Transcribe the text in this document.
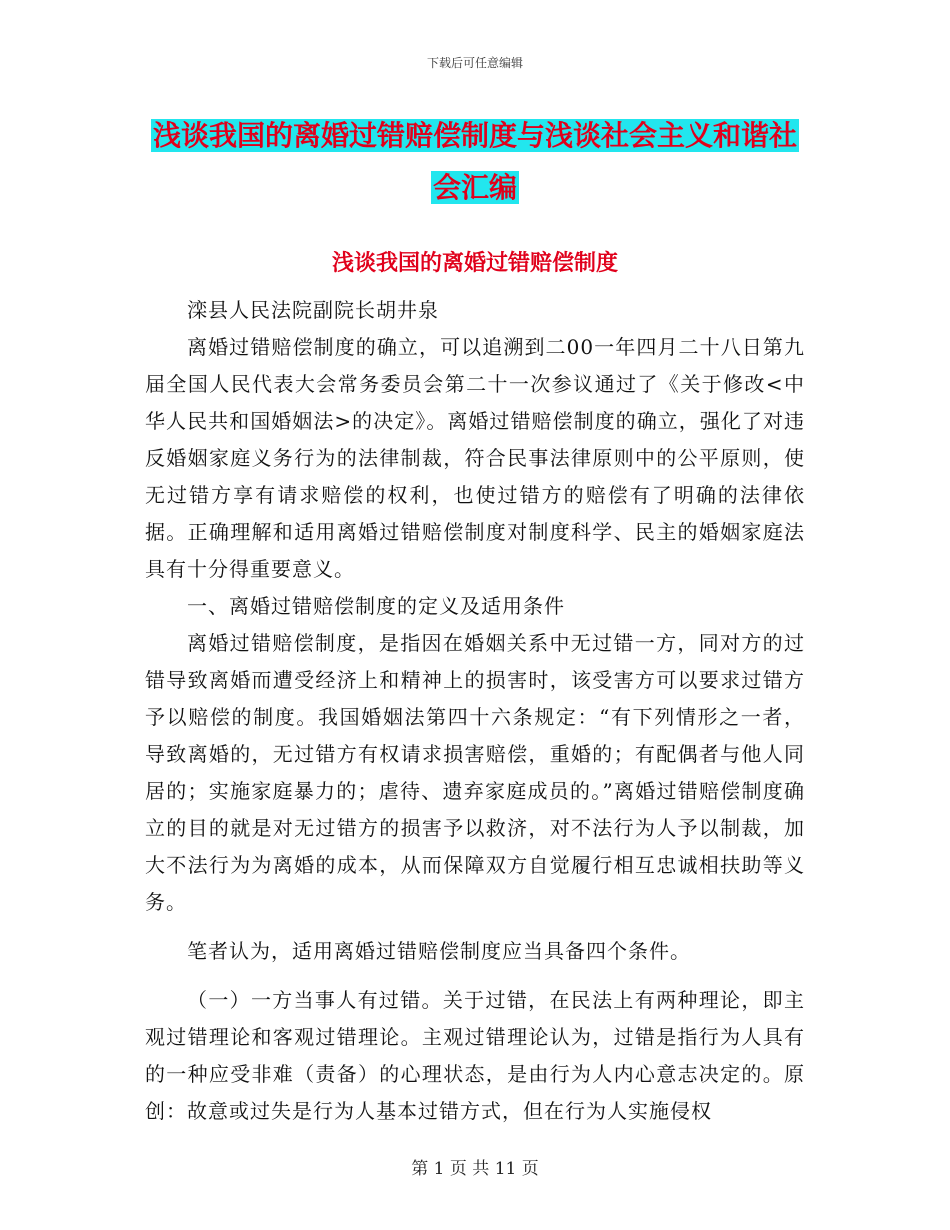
下载后可任意编辑
浅谈我国的离婚过错赔偿制度与浅谈社会主义和谐社
会汇编
浅谈我国的离婚过错赔偿制度

滦县人民法院副院长胡井泉

离婚过错赔偿制度的确立，可以追溯到二00一年四月二十八日第九届全国人民代表大会常务委员会第二十一次参议通过了《关于修改<中华人民共和国婚姻法>的决定》。离婚过错赔偿制度的确立，强化了对违反婚姻家庭义务行为的法律制裁，符合民事法律原则中的公平原则，使无过错方享有请求赔偿的权利，也使过错方的赔偿有了明确的法律依据。正确理解和适用离婚过错赔偿制度对制度科学、民主的婚姻家庭法具有十分得重要意义。

一、离婚过错赔偿制度的定义及适用条件

离婚过错赔偿制度，是指因在婚姻关系中无过错一方，同对方的过错导致离婚而遭受经济上和精神上的损害时，该受害方可以要求过错方予以赔偿的制度。我国婚姻法第四十六条规定：“有下列情形之一者，导致离婚的，无过错方有权请求损害赔偿，重婚的；有配偶者与他人同居的；实施家庭暴力的；虐待、遗弃家庭成员的。”离婚过错赔偿制度确立的目的就是对无过错方的损害予以救济，对不法行为人予以制裁，加大不法行为为离婚的成本，从而保障双方自觉履行相互忠诚相扶助等义务。

笔者认为，适用离婚过错赔偿制度应当具备四个条件。

（一）一方当事人有过错。关于过错，在民法上有两种理论，即主观过错理论和客观过错理论。主观过错理论认为，过错是指行为人具有的一种应受非难（责备）的心理状态，是由行为人内心意志决定的。原创：故意或过失是行为人基本过错方式，但在行为人实施侵权

第 1 页 共 11 页
